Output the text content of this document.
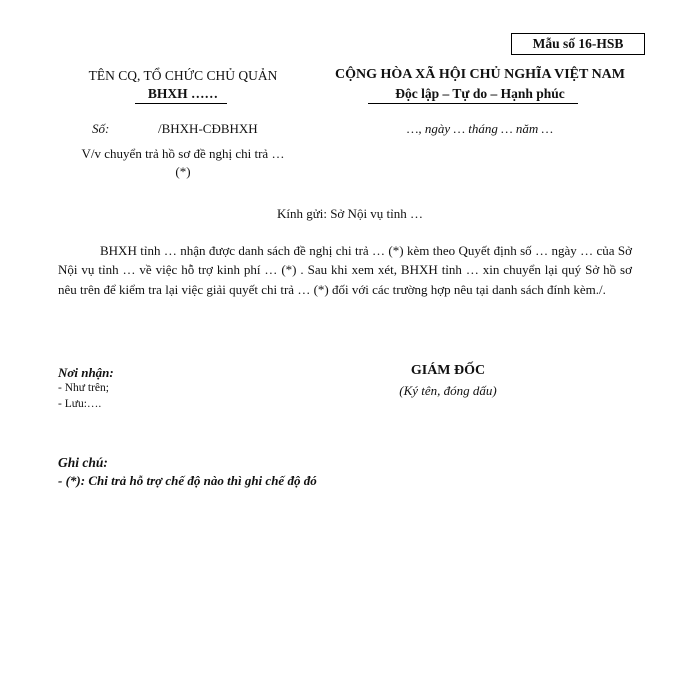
Mẫu số 16-HSB
TÊN CQ, TỔ CHỨC CHỦ QUẢN
BHXH ……
CỘNG HÒA XÃ HỘI CHỦ NGHĨA VIỆT NAM
Độc lập – Tự do – Hạnh phúc
Số:	/BHXH-CĐBHXH	…, ngày … tháng … năm …
V/v chuyển trả hồ sơ đề nghị chi trả …
(*)
Kính gửi: Sở Nội vụ tỉnh …
BHXH tỉnh … nhận được danh sách đề nghị chi trả … (*) kèm theo Quyết định số … ngày … của Sở Nội vụ tỉnh … về việc hỗ trợ kinh phí … (*) . Sau khi xem xét, BHXH tỉnh … xin chuyển lại quý Sở hồ sơ nêu trên để kiểm tra lại việc giải quyết chi trả … (*) đối với các trường hợp nêu tại danh sách đính kèm./.
Nơi nhận:
- Như trên;
- Lưu:….
GIÁM ĐỐC
(Ký tên, đóng dấu)
Ghi chú:
- (*): Chi trả hỗ trợ chế độ nào thì ghi chế độ đó
